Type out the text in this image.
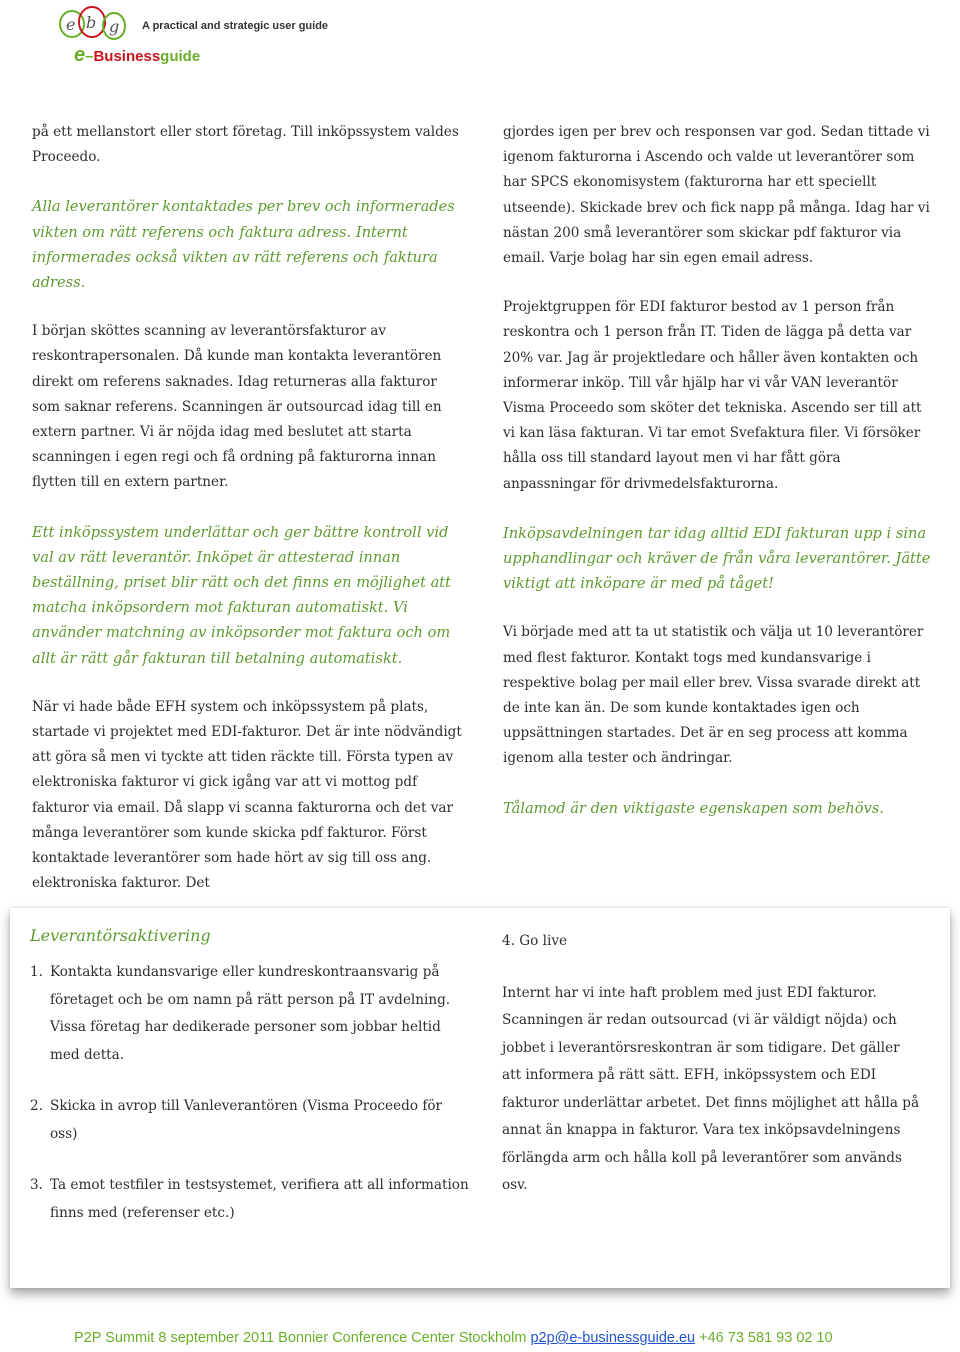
e b g A practical and strategic user guide
e–Businessguide

på ett mellanstort eller stort företag. Till inköpssystem valdes Proceedo.

Alla leverantörer kontaktades per brev och informerades vikten om rätt referens och faktura adress. Internt informerades också vikten av rätt referens och faktura adress.

I början sköttes scanning av leverantörsfakturor av reskontrapersonalen. Då kunde man kontakta leverantören direkt om referens saknades. Idag returneras alla fakturor som saknar referens. Scanningen är outsourcad idag till en extern partner. Vi är nöjda idag med beslutet att starta scanningen i egen regi och få ordning på fakturorna innan flytten till en extern partner.

Ett inköpssystem underlättar och ger bättre kontroll vid val av rätt leverantör. Inköpet är attesterad innan beställning, priset blir rätt och det finns en möjlighet att matcha inköpsordern mot fakturan automatiskt. Vi använder matchning av inköpsorder mot faktura och om allt är rätt går fakturan till betalning automatiskt.

När vi hade både EFH system och inköpssystem på plats, startade vi projektet med EDI-fakturor. Det är inte nödvändigt att göra så men vi tyckte att tiden räckte till. Första typen av elektroniska fakturor vi gick igång var att vi mottog pdf fakturor via email. Då slapp vi scanna fakturorna och det var många leverantörer som kunde skicka pdf fakturor. Först kontaktade leverantörer som hade hört av sig till oss ang. elektroniska fakturor. Det

gjordes igen per brev och responsen var god. Sedan tittade vi igenom fakturorna i Ascendo och valde ut leverantörer som har SPCS ekonomisystem (fakturorna har ett speciellt utseende). Skickade brev och fick napp på många. Idag har vi nästan 200 små leverantörer som skickar pdf fakturor via email. Varje bolag har sin egen email adress.

Projektgruppen för EDI fakturor bestod av 1 person från reskontra och 1 person från IT. Tiden de lägga på detta var 20% var. Jag är projektledare och håller även kontakten och informerar inköp. Till vår hjälp har vi vår VAN leverantör Visma Proceedo som sköter det tekniska. Ascendo ser till att vi kan läsa fakturan. Vi tar emot Svefaktura filer. Vi försöker hålla oss till standard layout men vi har fått göra anpassningar för drivmedelsfakturorna.

Inköpsavdelningen tar idag alltid EDI fakturan upp i sina upphandlingar och kräver de från våra leverantörer. Jätte viktigt att inköpare är med på tåget!

Vi började med att ta ut statistik och välja ut 10 leverantörer med flest fakturor. Kontakt togs med kundansvarige i respektive bolag per mail eller brev. Vissa svarade direkt att de inte kan än. De som kunde kontaktades igen och uppsättningen startades. Det är en seg process att komma igenom alla tester och ändringar.

Tålamod är den viktigaste egenskapen som behövs.

Leverantörsaktivering
1. Kontakta kundansvarige eller kundreskontraansvarig på företaget och be om namn på rätt person på IT avdelning. Vissa företag har dedikerade personer som jobbar heltid med detta.
2. Skicka in avrop till Vanleverantören (Visma Proceedo för oss)
3. Ta emot testfiler in testsystemet, verifiera att all information finns med (referenser etc.)

4. Go live

Internt har vi inte haft problem med just EDI fakturor. Scanningen är redan outsourcad (vi är väldigt nöjda) och jobbet i leverantörsreskontran är som tidigare. Det gäller att informera på rätt sätt. EFH, inköpssystem och EDI fakturor underlättar arbetet. Det finns möjlighet att hålla på annat än knappa in fakturor. Vara tex inköpsavdelningens förlängda arm och hålla koll på leverantörer som används osv.

P2P Summit 8 september 2011 Bonnier Conference Center Stockholm p2p@e-businessguide.eu +46 73 581 93 02 10
